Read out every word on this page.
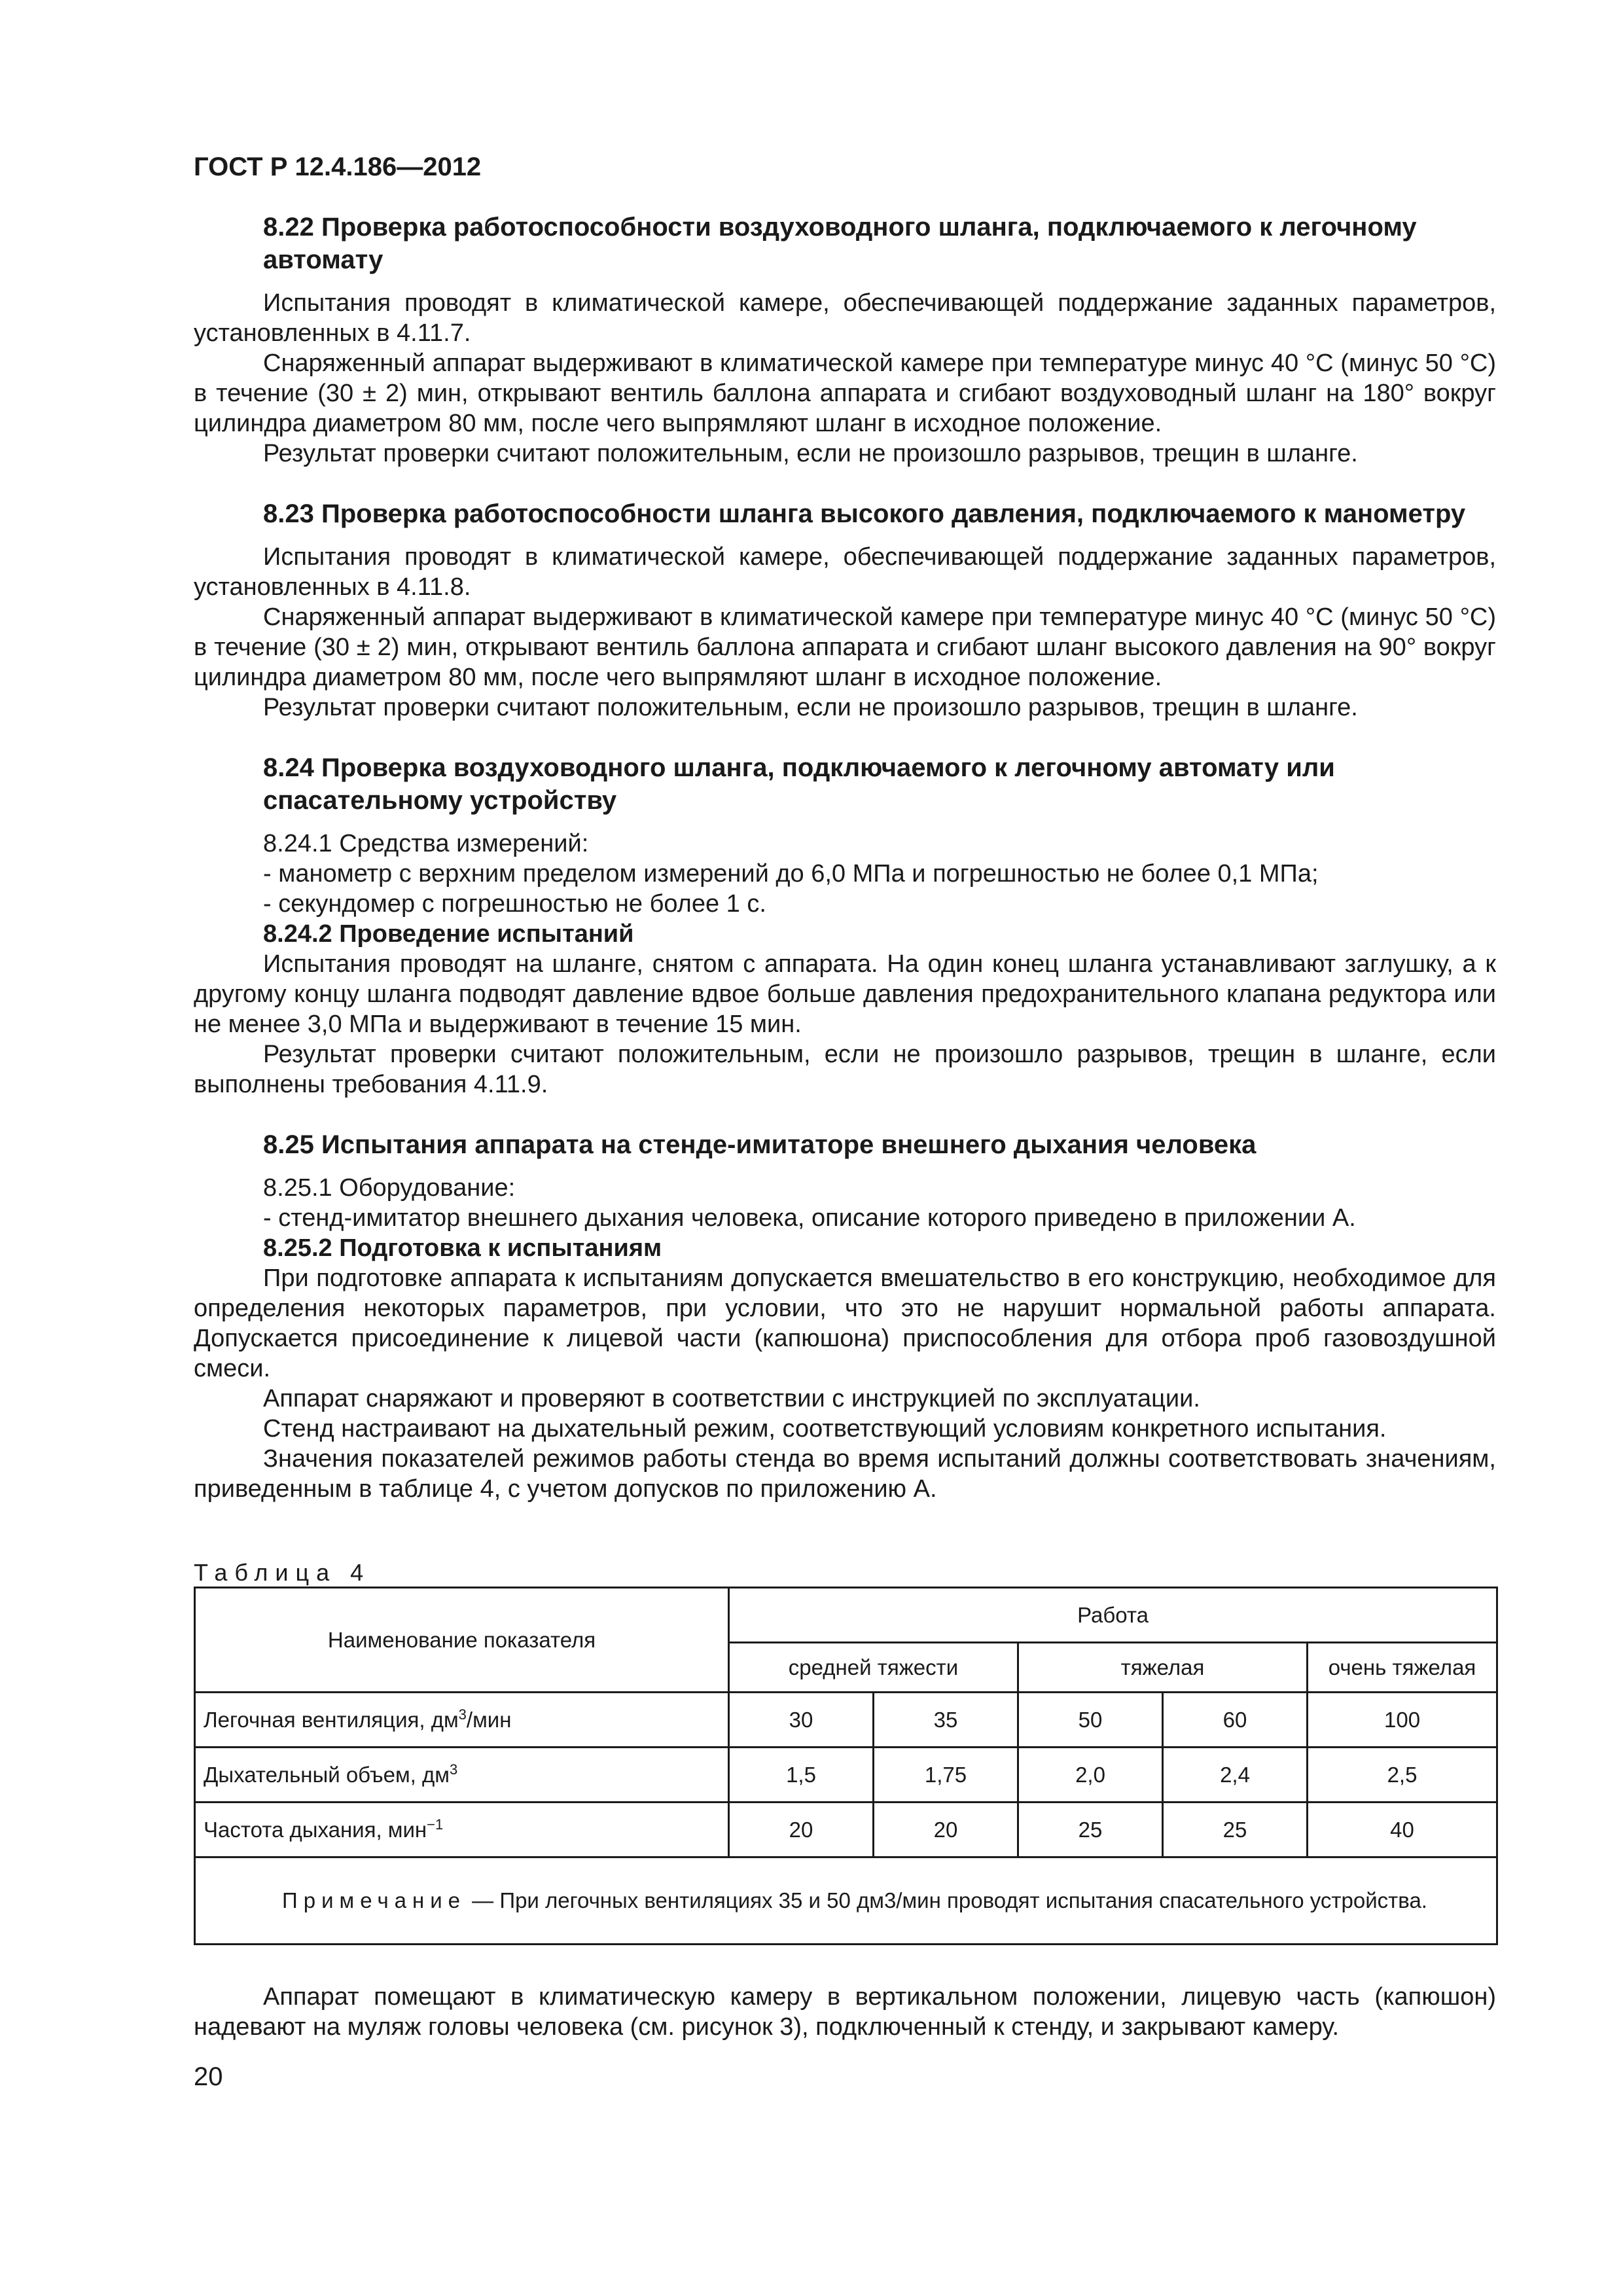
ГОСТ Р 12.4.186—2012
8.22 Проверка работоспособности воздуховодного шланга, подключаемого к легочному автомату

Испытания проводят в климатической камере, обеспечивающей поддержание заданных параметров, установленных в 4.11.7.

Снаряженный аппарат выдерживают в климатической камере при температуре минус 40 °С (минус 50 °С) в течение (30 ± 2) мин, открывают вентиль баллона аппарата и сгибают воздуховодный шланг на 180° вокруг цилиндра диаметром 80 мм, после чего выпрямляют шланг в исходное положение.

Результат проверки считают положительным, если не произошло разрывов, трещин в шланге.

8.23 Проверка работоспособности шланга высокого давления, подключаемого к манометру

Испытания проводят в климатической камере, обеспечивающей поддержание заданных параметров, установленных в 4.11.8.

Снаряженный аппарат выдерживают в климатической камере при температуре минус 40 °С (минус 50 °С) в течение (30 ± 2) мин, открывают вентиль баллона аппарата и сгибают шланг высокого давления на 90° вокруг цилиндра диаметром 80 мм, после чего выпрямляют шланг в исходное положение.

Результат проверки считают положительным, если не произошло разрывов, трещин в шланге.

8.24 Проверка воздуховодного шланга, подключаемого к легочному автомату или спасательному устройству

8.24.1 Средства измерений:

- манометр с верхним пределом измерений до 6,0 МПа и погрешностью не более 0,1 МПа;

- секундомер с погрешностью не более 1 с.

8.24.2 Проведение испытаний

Испытания проводят на шланге, снятом с аппарата. На один конец шланга устанавливают заглушку, а к другому концу шланга подводят давление вдвое больше давления предохранительного клапана редуктора или не менее 3,0 МПа и выдерживают в течение 15 мин.

Результат проверки считают положительным, если не произошло разрывов, трещин в шланге, если выполнены требования 4.11.9.

8.25 Испытания аппарата на стенде-имитаторе внешнего дыхания человека

8.25.1 Оборудование:

- стенд-имитатор внешнего дыхания человека, описание которого приведено в приложении А.

8.25.2 Подготовка к испытаниям

При подготовке аппарата к испытаниям допускается вмешательство в его конструкцию, необходимое для определения некоторых параметров, при условии, что это не нарушит нормальной работы аппарата. Допускается присоединение к лицевой части (капюшона) приспособления для отбора проб газовоздушной смеси.

Аппарат снаряжают и проверяют в соответствии с инструкцией по эксплуатации.

Стенд настраивают на дыхательный режим, соответствующий условиям конкретного испытания.

Значения показателей режимов работы стенда во время испытаний должны соответствовать значениям, приведенным в таблице 4, с учетом допусков по приложению А.

Таблица 4
Наименование показателя	Работа				
	средней тяжести		тяжелая		очень тяжелая
Легочная вентиляция, $дм^3$/мин	30	35	50	60	100
Дыхательный объем, $дм^3$	1,5	1,75	2,0	2,4	2,5
Частота дыхания, мин$^{-1}$	20	20	25	25	40
Примечание — При легочных вентиляциях 35 и 50 дм3/мин проводят испытания спасательного устройства.					

Аппарат помещают в климатическую камеру в вертикальном положении, лицевую часть (капюшон) надевают на муляж головы человека (см. рисунок 3), подключенный к стенду, и закрывают камеру.

20
